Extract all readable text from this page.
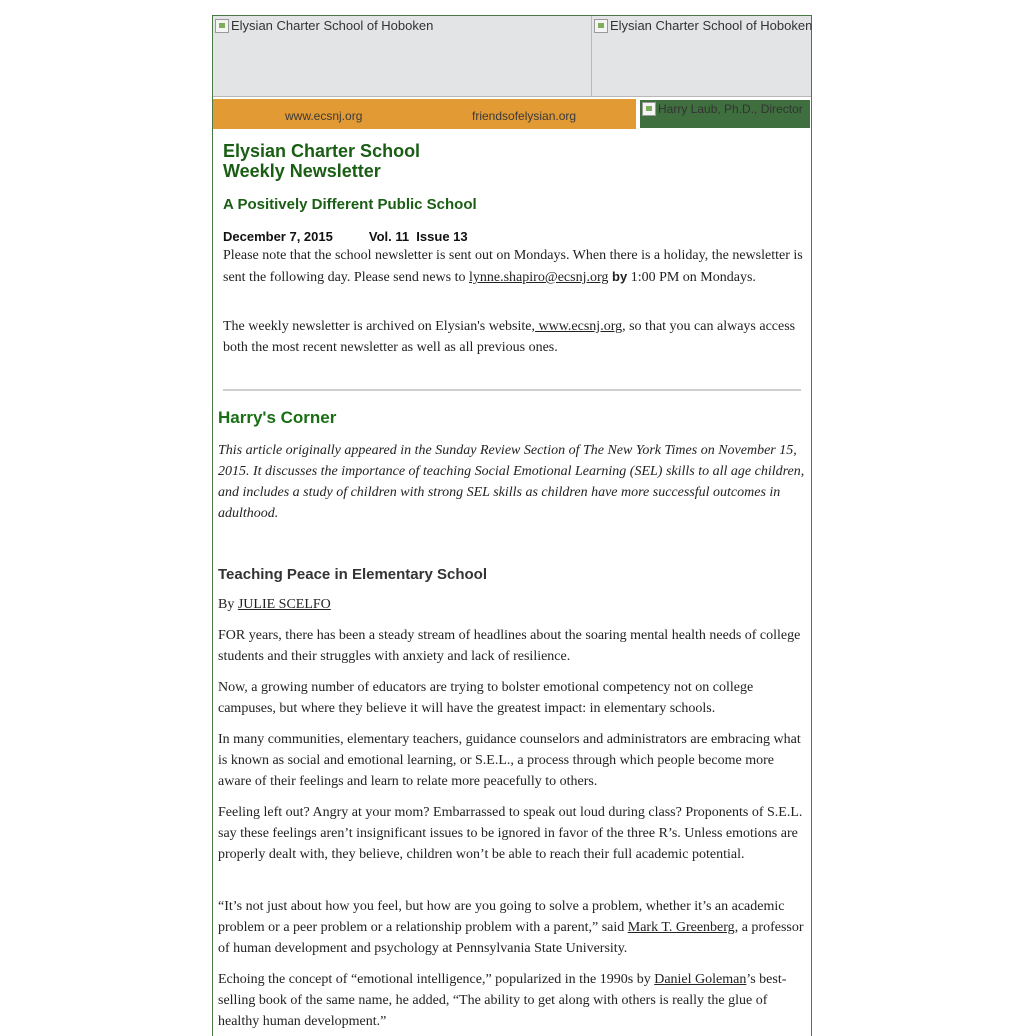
Elysian Charter School of Hoboken	Elysian Charter School of Hoboken
www.ecsnj.org	friendsofelysian.org	Harry Laub, Ph.D., Director
Elysian Charter School
Weekly Newsletter
A Positively Different Public School
December 7, 2015	Vol. 11  Issue 13

Please note that the school newsletter is sent out on Mondays. When there is a holiday, the newsletter is sent the following day. Please send news to lynne.shapiro@ecsnj.org by 1:00 PM on Mondays.

The weekly newsletter is archived on Elysian's website, www.ecsnj.org, so that you can always access both the most recent newsletter as well as all previous ones.

Harry's Corner

This article originally appeared in the Sunday Review Section of The New York Times on November 15, 2015. It discusses the importance of teaching Social Emotional Learning (SEL) skills to all age children, and includes a study of children with strong SEL skills as children have more successful outcomes in adulthood.

Teaching Peace in Elementary School

By JULIE SCELFO

FOR years, there has been a steady stream of headlines about the soaring mental health needs of college students and their struggles with anxiety and lack of resilience.

Now, a growing number of educators are trying to bolster emotional competency not on college campuses, but where they believe it will have the greatest impact: in elementary schools.

In many communities, elementary teachers, guidance counselors and administrators are embracing what is known as social and emotional learning, or S.E.L., a process through which people become more aware of their feelings and learn to relate more peacefully to others.

Feeling left out? Angry at your mom? Embarrassed to speak out loud during class? Proponents of S.E.L. say these feelings aren’t insignificant issues to be ignored in favor of the three R’s. Unless emotions are properly dealt with, they believe, children won’t be able to reach their full academic potential.

“It’s not just about how you feel, but how are you going to solve a problem, whether it’s an academic problem or a peer problem or a relationship problem with a parent,” said Mark T. Greenberg, a professor of human development and psychology at Pennsylvania State University.

Echoing the concept of “emotional intelligence,” popularized in the 1990s by Daniel Goleman’s best-selling book of the same name, he added, “The ability to get along with others is really the glue of healthy human development.”
